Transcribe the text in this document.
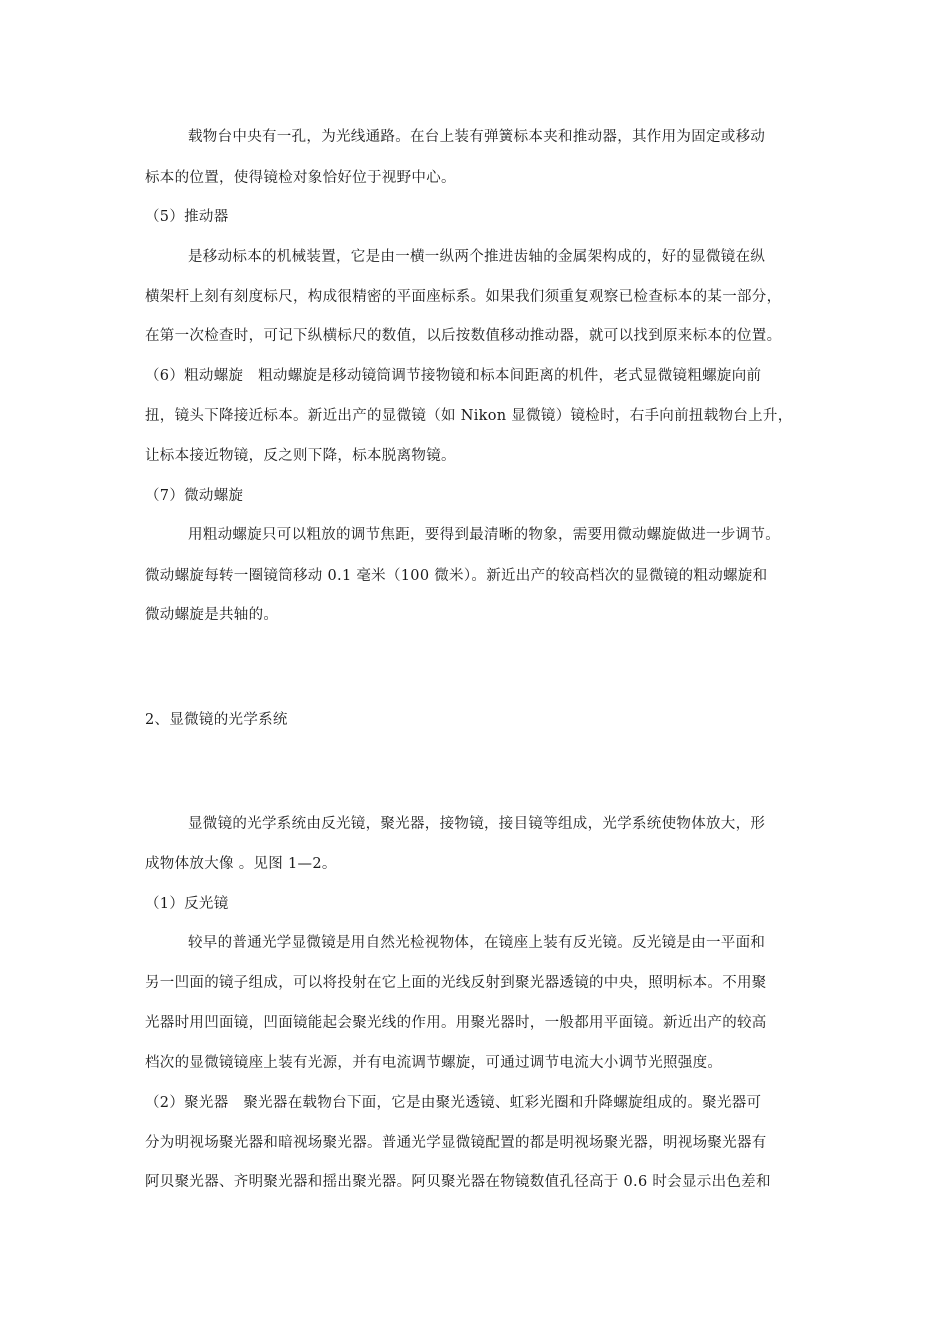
载物台中央有一孔，为光线通路。在台上装有弹簧标本夹和推动器，其作用为固定或移动
标本的位置，使得镜检对象恰好位于视野中心。
（5）推动器
是移动标本的机械装置，它是由一横一纵两个推进齿轴的金属架构成的，好的显微镜在纵
横架杆上刻有刻度标尺，构成很精密的平面座标系。如果我们须重复观察已检查标本的某一部分，
在第一次检查时，可记下纵横标尺的数值，以后按数值移动推动器，就可以找到原来标本的位置。
（6）粗动螺旋　粗动螺旋是移动镜筒调节接物镜和标本间距离的机件，老式显微镜粗螺旋向前
扭，镜头下降接近标本。新近出产的显微镜（如 Nikon 显微镜）镜检时，右手向前扭载物台上升，
让标本接近物镜，反之则下降，标本脱离物镜。
（7）微动螺旋
用粗动螺旋只可以粗放的调节焦距，要得到最清晰的物象，需要用微动螺旋做进一步调节。
微动螺旋每转一圈镜筒移动 0.1 毫米（100 微米）。新近出产的较高档次的显微镜的粗动螺旋和
微动螺旋是共轴的。
2、显微镜的光学系统
显微镜的光学系统由反光镜，聚光器，接物镜，接目镜等组成，光学系统使物体放大，形
成物体放大像 。见图 1—2。
（1）反光镜
较早的普通光学显微镜是用自然光检视物体，在镜座上装有反光镜。反光镜是由一平面和
另一凹面的镜子组成，可以将投射在它上面的光线反射到聚光器透镜的中央，照明标本。不用聚
光器时用凹面镜，凹面镜能起会聚光线的作用。用聚光器时，一般都用平面镜。新近出产的较高
档次的显微镜镜座上装有光源，并有电流调节螺旋，可通过调节电流大小调节光照强度。
（2）聚光器　聚光器在载物台下面，它是由聚光透镜、虹彩光圈和升降螺旋组成的。聚光器可
分为明视场聚光器和暗视场聚光器。普通光学显微镜配置的都是明视场聚光器，明视场聚光器有
阿贝聚光器、齐明聚光器和摇出聚光器。阿贝聚光器在物镜数值孔径高于 0.6 时会显示出色差和
